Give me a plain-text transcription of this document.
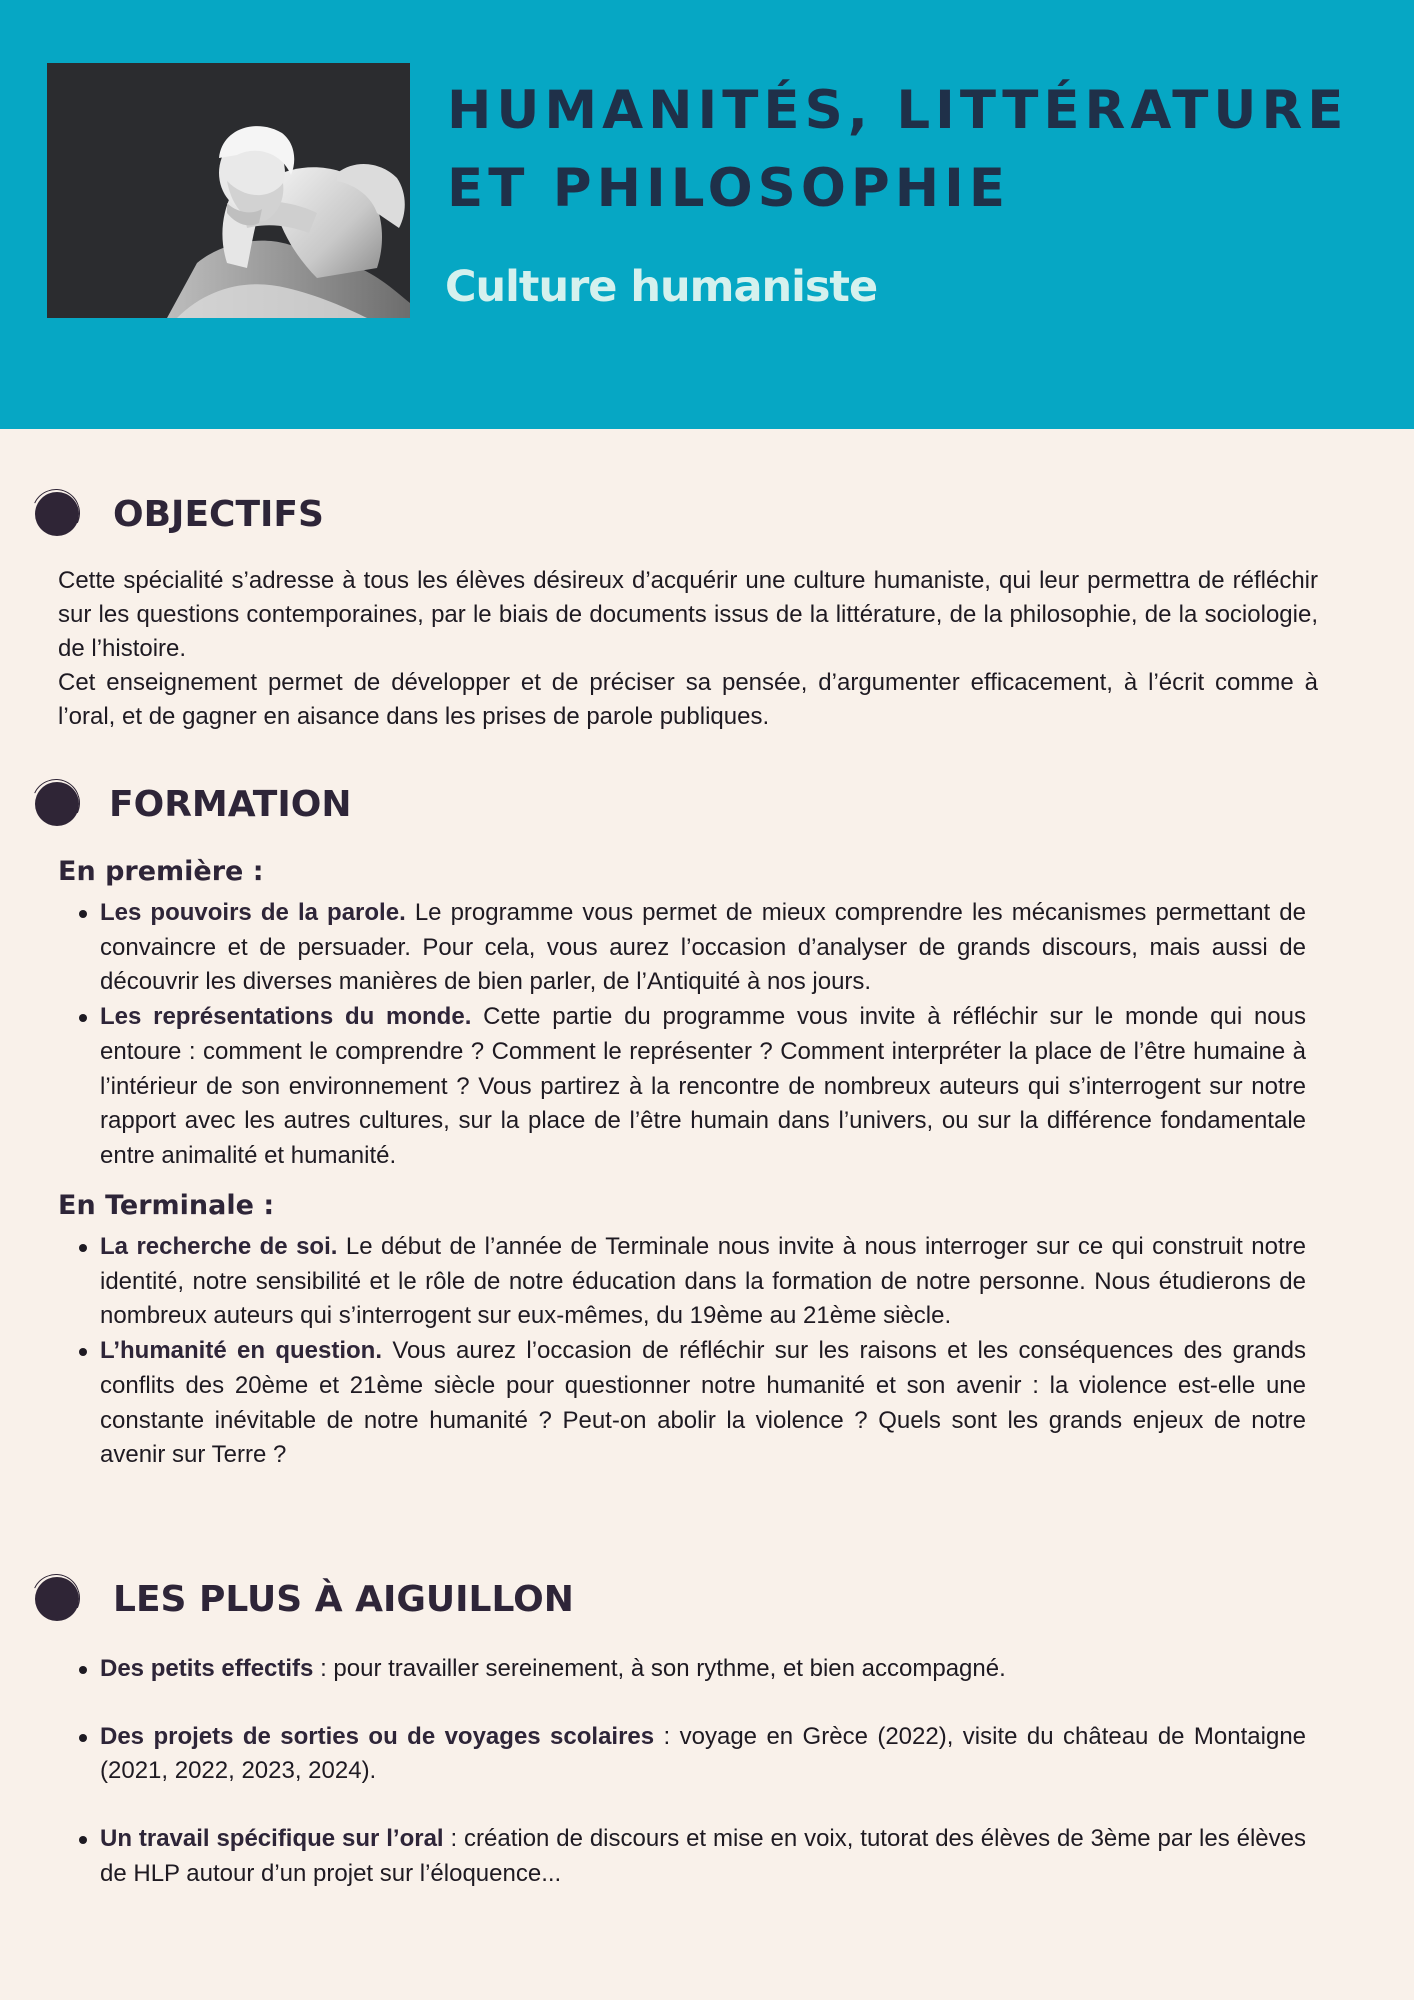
HUMANITÉS, LITTÉRATURE
ET PHILOSOPHIE
Culture humaniste
OBJECTIFS

Cette spécialité s’adresse à tous les élèves désireux d’acquérir une culture humaniste, qui leur permettra de réfléchir sur les questions contemporaines, par le biais de documents issus de la littérature, de la philosophie, de la sociologie, de l’histoire.

Cet enseignement permet de développer et de préciser sa pensée, d’argumenter efficacement, à l’écrit comme à l’oral, et de gagner en aisance dans les prises de parole publiques.

FORMATION
En première :
Les pouvoirs de la parole. Le programme vous permet de mieux comprendre les mécanismes permettant de convaincre et de persuader. Pour cela, vous aurez l’occasion d’analyser de grands discours, mais aussi de découvrir les diverses manières de bien parler, de l’Antiquité à nos jours.
Les représentations du monde. Cette partie du programme vous invite à réfléchir sur le monde qui nous entoure : comment le comprendre ? Comment le représenter ? Comment interpréter la place de l’être humaine à l’intérieur de son environnement ? Vous partirez à la rencontre de nombreux auteurs qui s’interrogent sur notre rapport avec les autres cultures, sur la place de l’être humain dans l’univers, ou sur la différence fondamentale entre animalité et humanité.
En Terminale :
La recherche de soi. Le début de l’année de Terminale nous invite à nous interroger sur ce qui construit notre identité, notre sensibilité et le rôle de notre éducation dans la formation de notre personne. Nous étudierons de nombreux auteurs qui s’interrogent sur eux-mêmes, du 19ème au 21ème siècle.
L’humanité en question. Vous aurez l’occasion de réfléchir sur les raisons et les conséquences des grands conflits des 20ème et 21ème siècle pour questionner notre humanité et son avenir : la violence est-elle une constante inévitable de notre humanité ? Peut-on abolir la violence ? Quels sont les grands enjeux de notre avenir sur Terre ?
LES PLUS À AIGUILLON
Des petits effectifs : pour travailler sereinement, à son rythme, et bien accompagné.
Des projets de sorties ou de voyages scolaires : voyage en Grèce (2022), visite du château de Montaigne (2021, 2022, 2023, 2024).
Un travail spécifique sur l’oral : création de discours et mise en voix, tutorat des élèves de 3ème par les élèves de HLP autour d’un projet sur l’éloquence...
